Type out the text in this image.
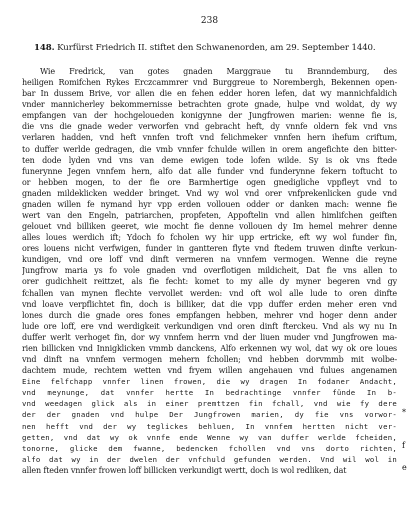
238
148. Kurfürst Friedrich II. stiftet den Schwanenorden, am 29. September 1440.
Wie Fredrick, van gotes gnaden Marggraue tu Branndemburg, des
heiligen Romifchen Rykes Erczcammrer vnd Burggreue to Norembergh, Bekennen open-
bar In dussem Brive, vor allen die en fehen edder horen lefen, dat wy mannichfaldich
vnder mannicherley bekommernisse betrachten grote gnade, hulpe vnd woldat, dy wy
empfangen van der hochgeloueden konigynne der Jungfrowen marien: wenne fie is,
die vns die gnade weder verworfen vnd gebracht heft, dy vnnfe oldern fek vnd vns
verlaren hadden, vnd heft vnnfen troft vnd felichmeker vnnfen hern ihefum criftum,
to duffer werlde gedragen, die vmb vnnfer fchulde willen in orem angefichte den bitter-
ten dode lyden vnd vns van deme ewigen tode lofen wilde. Sy is ok vns ftede
funerynne Jegen vnnfem hern, alfo dat alle funder vnd funderynne fekern toftucht to
or hebben mogen, to der fie ore Barmhertige ogen gnedigliche vppfleyt vnd to
gnaden mildeklicken wedder bringet. Vnd wy wol vnd orer vnfprekenlicken gude vnd
gnaden willen fe nymand hyr vpp erden vollouen odder or danken mach: wenne fie
wert van den Engeln, patriarchen, propfeten, Appoftelin vnd allen himlifchen geiften
gelouet vnd billiken geeret, wie mocht fie denne vollouen dy Im hemel mehrer denne
alles loues werdich ift; Ydoch fo fcholen wy hir upp ertricke, eft wy wol funder fin,
ores louens nicht verfwigen, funder in gantteren flyte vnd ftedem truwen dinfte verkun-
kundigen, vnd ore loff vnd dinft vermeren na vnnfem vermogen. Wenne die reyne
Jungfrow maria ys fo vole gnaden vnd overflotigen mildicheit, Dat fie vns allen to
orer gudichheit reittzet, als fie fecht: komet to my alle dy myner begeren vnd gy
fchallen van mynen flechte vervollet werden: vnd oft wol alle lude to oren dinfte
vnd loave verpflichtet fin, doch is billiker, dat die vpp duffer erden meher eren vnd
lones durch die gnade ores fones empfangen hebben, mehrer vnd hoger denn ander
lude ore loff, ere vnd werdigkeit verkundigen vnd oren dinft fterckeu. Vnd als wy nu In
duffer werlt verhoget fin, dor wy vnnfem herrn vnd der liuen muder vnd Jungfrowen ma-
rien billicken vnd Innigklicken vmmb danckens, Alfo erkennen wy wol, dat wy ok ore loues
vnd dinft na vnnfem vermogen mehern fchollen; vnd hebben dorvmmb mit wolbe-
dachtem mude, rechtem wetten vnd fryem willen angehauen vnd fulues angenamen
Eine felfchapp vnnfer linen frowen, die wy dragen In fodaner Andacht,
vnd meynunge, dat vnnfer hertte In bedrachtinge vnnfer fünde In b-
vnd weedagen glick als in einer premttzen fin fchall, vnd wie fy dere
der der gnaden vnd hulpe Der Jungfrowen marien, dy fie vns vorwor-
nen hefft vnd der wy teglickes behluen, In vnnfem hertten nicht ver-
getten, vnd dat wy ok vnnfe ende Wenne wy van duffer werlde fcheiden,
tonorne, glicke dem fwanne, bedencken fchollen vnd vns dorto richten,
alfo dat wy in der dwelen der vnfchuld gefunden werden. Vnd wil wol in
allen fteden vnnfer frowen loff billicken verkundigt wertt, doch is wol redliken, dat
*
f
e
